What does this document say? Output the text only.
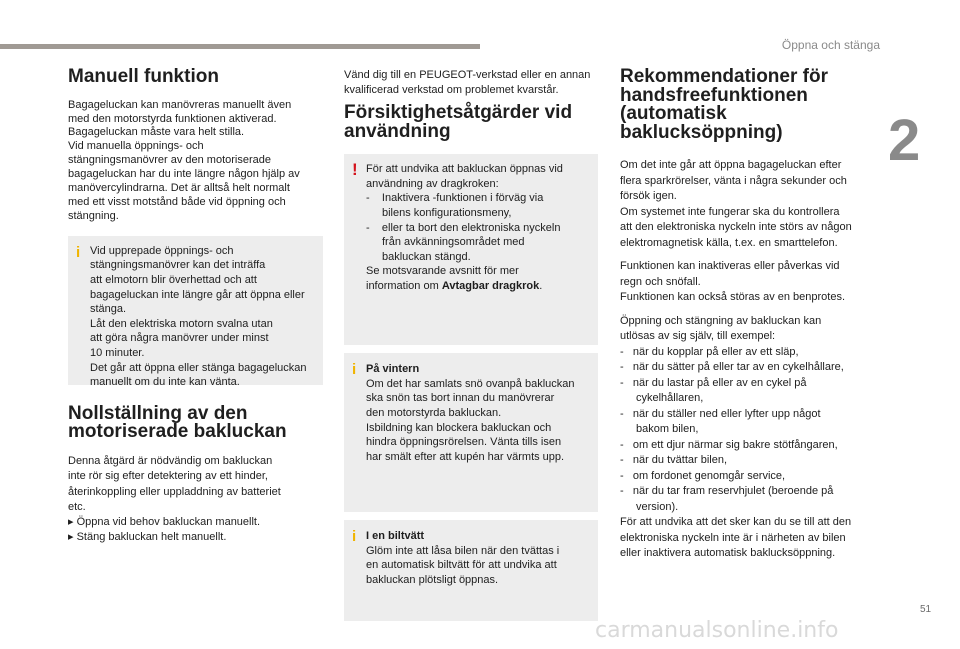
Öppna och stänga
2
Manuell funktion

Bagageluckan kan manövreras manuellt även
med den motorstyrda funktionen aktiverad.
Bagageluckan måste vara helt stilla.
Vid manuella öppnings- och
stängningsmanövrer av den motoriserade
bagageluckan har du inte längre någon hjälp av
manövercylindrarna. Det är alltså helt normalt
med ett visst motstånd både vid öppning och
stängning.

i Vid upprepade öppnings- och
stängningsmanövrer kan det inträffa
att elmotorn blir överhettad och att
bagageluckan inte längre går att öppna eller
stänga.
Låt den elektriska motorn svalna utan
att göra några manövrer under minst
10 minuter.
Det går att öppna eller stänga bagageluckan
manuellt om du inte kan vänta.
Nollställning av den
motoriserade bakluckan

Denna åtgärd är nödvändig om bakluckan
inte rör sig efter detektering av ett hinder,
återinkoppling eller uppladdning av batteriet
etc.
▸ Öppna vid behov bakluckan manuellt.
▸ Stäng bakluckan helt manuellt.

Vänd dig till en PEUGEOT-verkstad eller en annan
kvalificerad verkstad om problemet kvarstår.

Försiktighetsåtgärder vid
användning
! För att undvika att bakluckan öppnas vid
användning av dragkroken:
-    Inaktivera -funktionen i förväg via
bilens konfigurationsmeny,
-    eller ta bort den elektroniska nyckeln
från avkänningsområdet med
bakluckan stängd.
Se motsvarande avsnitt för mer
information om Avtagbar dragkrok.
i På vintern
Om det har samlats snö ovanpå bakluckan
ska snön tas bort innan du manövrerar
den motorstyrda bakluckan.
Isbildning kan blockera bakluckan och
hindra öppningsrörelsen. Vänta tills isen
har smält efter att kupén har värmts upp.
i I en biltvätt
Glöm inte att låsa bilen när den tvättas i
en automatisk biltvätt för att undvika att
bakluckan plötsligt öppnas.
Rekommendationer för
handsfreefunktionen
(automatisk
baklucksöppning)

Om det inte går att öppna bagageluckan efter
flera sparkrörelser, vänta i några sekunder och
försök igen.
Om systemet inte fungerar ska du kontrollera
att den elektroniska nyckeln inte störs av någon
elektromagnetisk källa, t.ex. en smarttelefon.

Funktionen kan inaktiveras eller påverkas vid
regn och snöfall.
Funktionen kan också störas av en benprotes.

Öppning och stängning av bakluckan kan
utlösas av sig själv, till exempel:
-   när du kopplar på eller av ett släp,
-   när du sätter på eller tar av en cykelhållare,
-   när du lastar på eller av en cykel på
cykelhållaren,
-   när du ställer ned eller lyfter upp något
bakom bilen,
-   om ett djur närmar sig bakre stötfångaren,
-   när du tvättar bilen,
-   om fordonet genomgår service,
-   när du tar fram reservhjulet (beroende på
version).
För att undvika att det sker kan du se till att den
elektroniska nyckeln inte är i närheten av bilen
eller inaktivera automatisk baklucksöppning.

51
carmanualsonline.info
